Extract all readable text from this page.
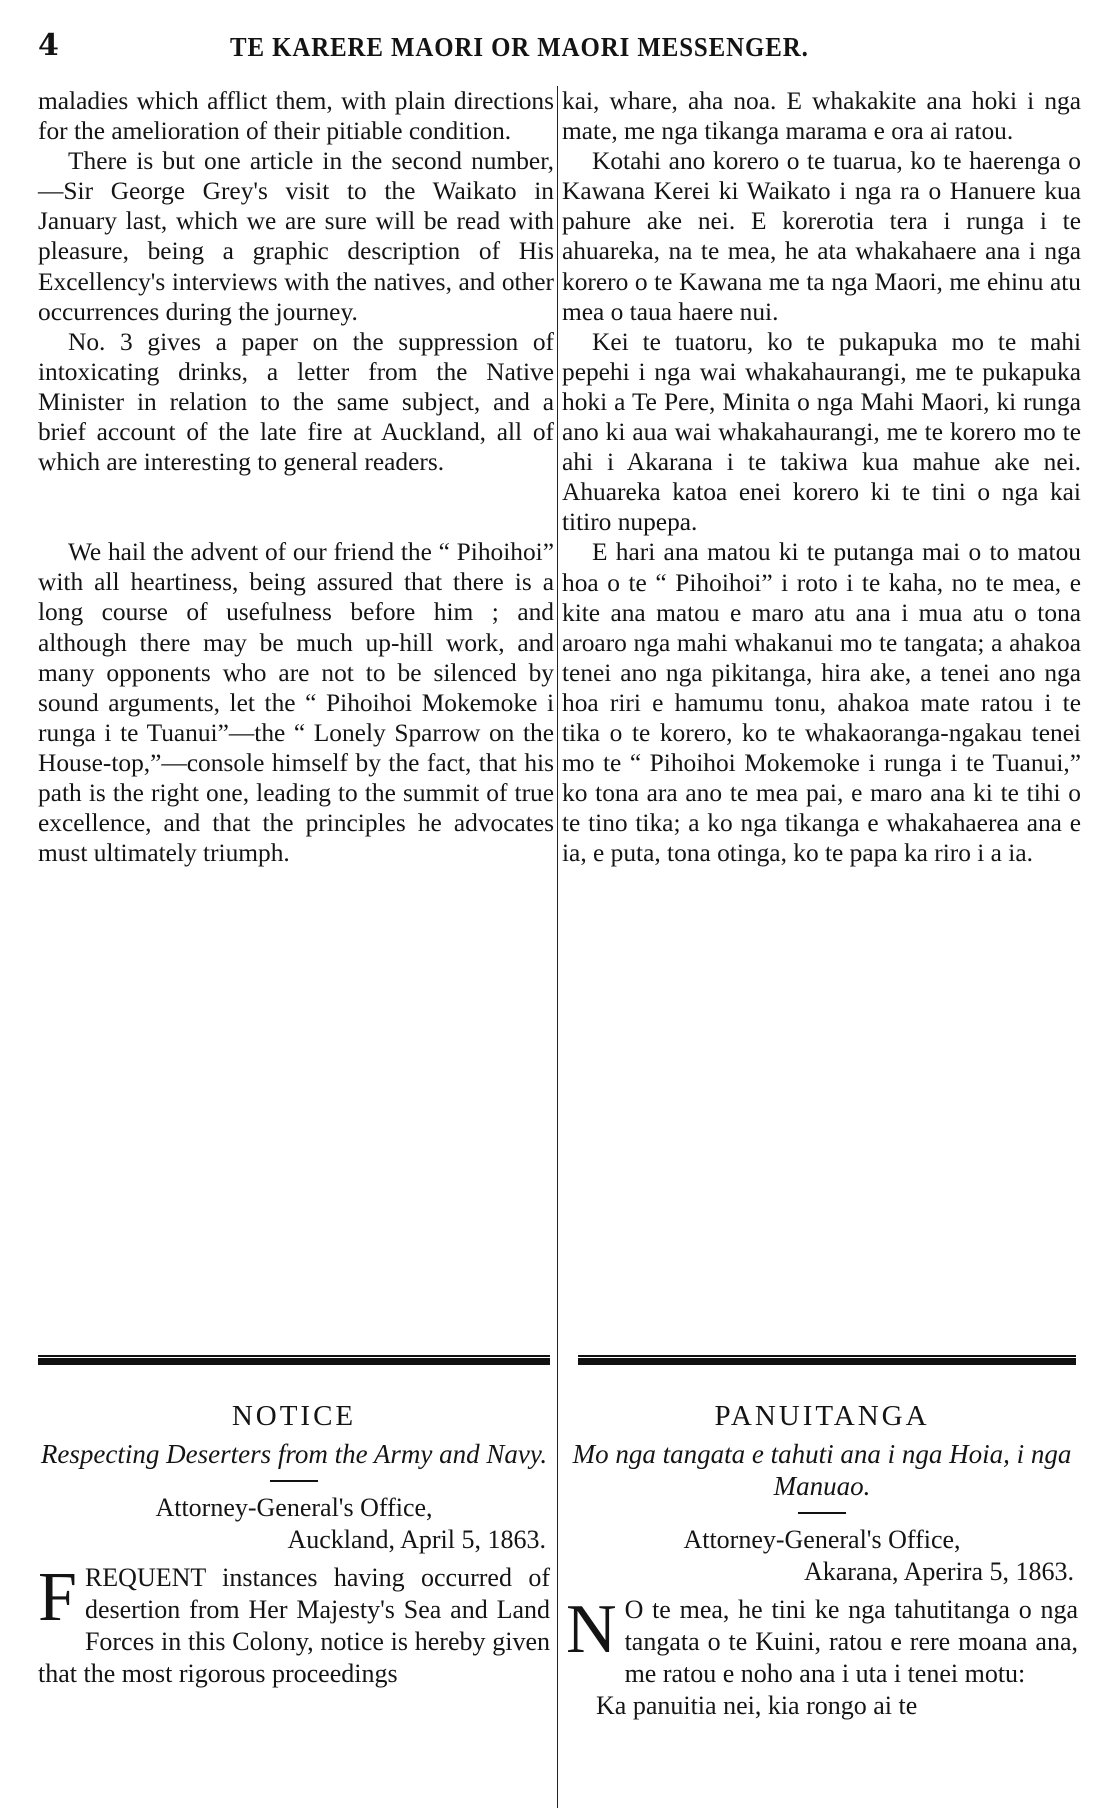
4	TE KARERE MAORI OR MAORI MESSENGER.

maladies which afflict them, with plain directions for the amelioration of their pitiable condition.

There is but one article in the second number,—Sir George Grey's visit to the Waikato in January last, which we are sure will be read with pleasure, being a graphic description of His Excellency's interviews with the natives, and other occurrences during the journey.

No. 3 gives a paper on the suppression of intoxicating drinks, a letter from the Native Minister in relation to the same subject, and a brief account of the late fire at Auckland, all of which are interesting to general readers.

We hail the advent of our friend the “ Pihoihoi” with all heartiness, being assured that there is a long course of usefulness before him ; and although there may be much up-hill work, and many opponents who are not to be silenced by sound arguments, let the “ Pihoihoi Mokemoke i runga i te Tuanui”—the “ Lonely Sparrow on the House-top,”—console himself by the fact, that his path is the right one, leading to the summit of true excellence, and that the principles he advocates must ultimately triumph.

kai, whare, aha noa. E whakakite ana hoki i nga mate, me nga tikanga marama e ora ai ratou.

Kotahi ano korero o te tuarua, ko te haerenga o Kawana Kerei ki Waikato i nga ra o Hanuere kua pahure ake nei. E korerotia tera i runga i te ahuareka, na te mea, he ata whakahaere ana i nga korero o te Kawana me ta nga Maori, me ehinu atu mea o taua haere nui.

Kei te tuatoru, ko te pukapuka mo te mahi pepehi i nga wai whakahaurangi, me te pukapuka hoki a Te Pere, Minita o nga Mahi Maori, ki runga ano ki aua wai whakahaurangi, me te korero mo te ahi i Akarana i te takiwa kua mahue ake nei. Ahuareka katoa enei korero ki te tini o nga kai titiro nupepa.

E hari ana matou ki te putanga mai o to matou hoa o te “ Pihoihoi” i roto i te kaha, no te mea, e kite ana matou e maro atu ana i mua atu o tona aroaro nga mahi whakanui mo te tangata; a ahakoa tenei ano nga pikitanga, hira ake, a tenei ano nga hoa riri e hamumu tonu, ahakoa mate ratou i te tika o te korero, ko te whakaoranga-ngakau tenei mo te “ Pihoihoi Mokemoke i runga i te Tuanui,” ko tona ara ano te mea pai, e maro ana ki te tihi o te tino tika; a ko nga tikanga e whakahaerea ana e ia, e puta, tona otinga, ko te papa ka riro i a ia.

NOTICE

Respecting Deserters from the Army and Navy.

Attorney-General's Office,

Auckland, April 5, 1863.

FREQUENT instances having occurred of desertion from Her Majesty's Sea and Land Forces in this Colony, notice is hereby given that the most rigorous proceedings

PANUITANGA

Mo nga tangata e tahuti ana i nga Hoia, i nga Manuao.

Attorney-General's Office,

Akarana, Aperira 5, 1863.

N O te mea, he tini ke nga tahutitanga o nga tangata o te Kuini, ratou e rere moana ana, me ratou e noho ana i uta i tenei motu:

Ka panuitia nei, kia rongo ai te
